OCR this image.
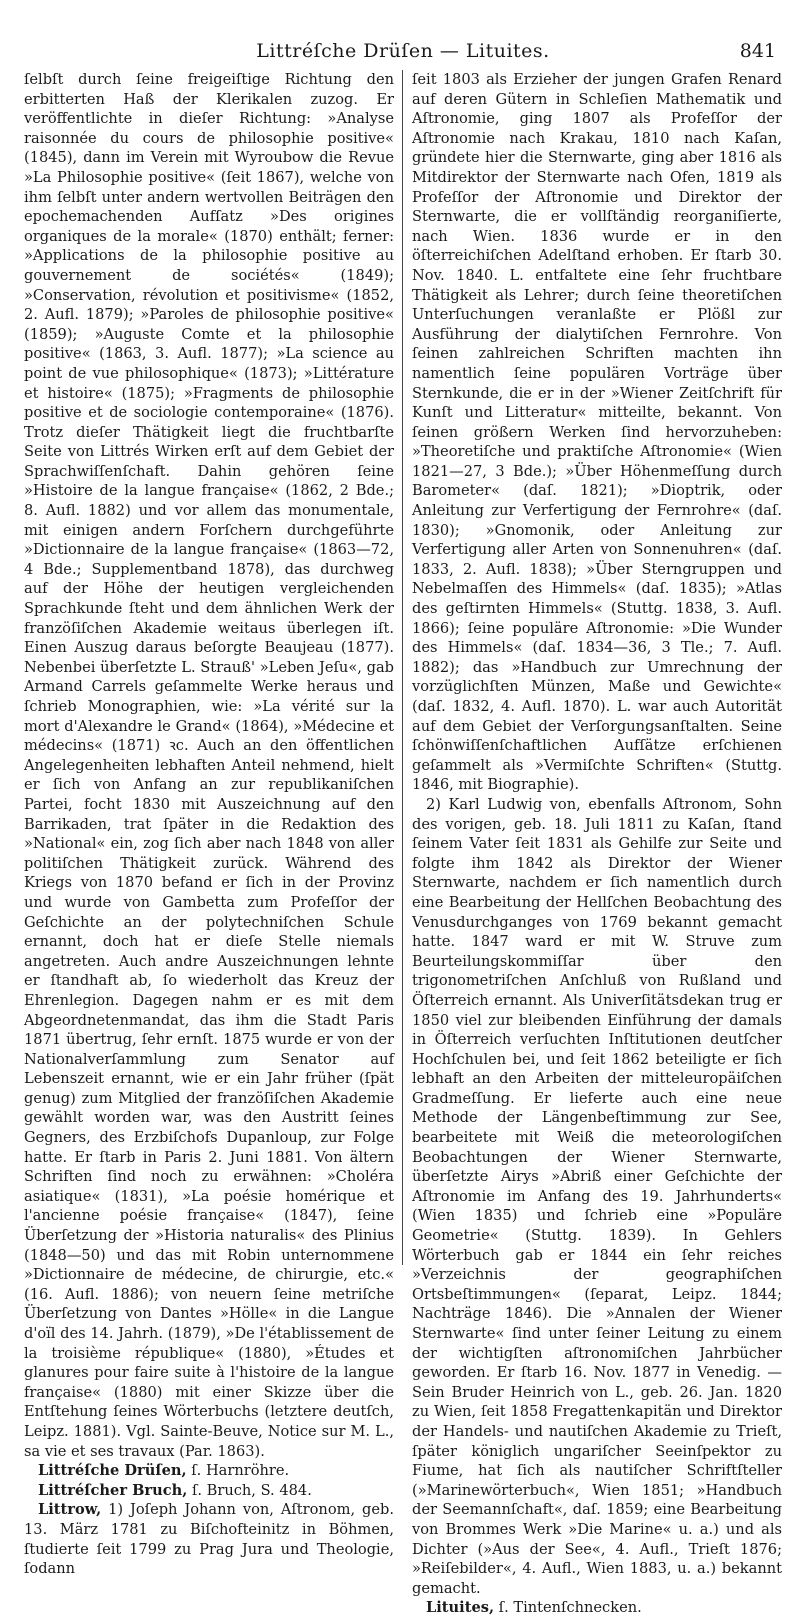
Littréſche Drüſen — Lituites.	841

ſelbſt durch ſeine freigeiſtige Richtung den erbitterten Haß der Klerikalen zuzog. Er veröffentlichte in dieſer Richtung: »Analyse raisonnée du cours de philosophie positive« (1845), dann im Verein mit Wyroubow die Revue »La Philosophie positive« (ſeit 1867), welche von ihm ſelbſt unter andern wertvollen Beiträgen den epochemachenden Aufſatz »Des origines organiques de la morale« (1870) enthält; ferner: »Applications de la philosophie positive au gouvernement de sociétés« (1849); »Conservation, révolution et positivisme« (1852, 2. Aufl. 1879); »Paroles de philosophie positive« (1859); »Auguste Comte et la philosophie positive« (1863, 3. Aufl. 1877); »La science au point de vue philosophique« (1873); »Littérature et histoire« (1875); »Fragments de philosophie positive et de sociologie contemporaine« (1876). Trotz dieſer Thätigkeit liegt die fruchtbarſte Seite von Littrés Wirken erſt auf dem Gebiet der Sprachwiſſenſchaft. Dahin gehören ſeine »Histoire de la langue française« (1862, 2 Bde.; 8. Aufl. 1882) und vor allem das monumentale, mit einigen andern Forſchern durchgeführte »Dictionnaire de la langue française« (1863—72, 4 Bde.; Supplementband 1878), das durchweg auf der Höhe der heutigen vergleichenden Sprachkunde ſteht und dem ähnlichen Werk der franzöſiſchen Akademie weitaus überlegen iſt. Einen Auszug daraus beſorgte Beaujeau (1877). Nebenbei überſetzte L. Strauß' »Leben Jeſu«, gab Armand Carrels geſammelte Werke heraus und ſchrieb Monographien, wie: »La vérité sur la mort d'Alexandre le Grand« (1864), »Médecine et médecins« (1871) ꝛc. Auch an den öffentlichen Angelegenheiten lebhaften Anteil nehmend, hielt er ſich von Anfang an zur republikaniſchen Partei, focht 1830 mit Auszeichnung auf den Barrikaden, trat ſpäter in die Redaktion des »National« ein, zog ſich aber nach 1848 von aller politiſchen Thätigkeit zurück. Während des Kriegs von 1870 befand er ſich in der Provinz und wurde von Gambetta zum Profeſſor der Geſchichte an der polytechniſchen Schule ernannt, doch hat er dieſe Stelle niemals angetreten. Auch andre Auszeichnungen lehnte er ſtandhaft ab, ſo wiederholt das Kreuz der Ehrenlegion. Dagegen nahm er es mit dem Abgeordnetenmandat, das ihm die Stadt Paris 1871 übertrug, ſehr ernſt. 1875 wurde er von der Nationalverſammlung zum Senator auf Lebenszeit ernannt, wie er ein Jahr früher (ſpät genug) zum Mitglied der franzöſiſchen Akademie gewählt worden war, was den Austritt ſeines Gegners, des Erzbiſchofs Dupanloup, zur Folge hatte. Er ſtarb in Paris 2. Juni 1881. Von ältern Schriften ſind noch zu erwähnen: »Choléra asiatique« (1831), »La poésie homérique et l'ancienne poésie française« (1847), ſeine Überſetzung der »Historia naturalis« des Plinius (1848—50) und das mit Robin unternommene »Dictionnaire de médecine, de chirurgie, etc.« (16. Aufl. 1886); von neuern ſeine metriſche Überſetzung von Dantes »Hölle« in die Langue d'oïl des 14. Jahrh. (1879), »De l'établissement de la troisième république« (1880), »Études et glanures pour faire suite à l'histoire de la langue française« (1880) mit einer Skizze über die Entſtehung ſeines Wörterbuchs (letztere deutſch, Leipz. 1881). Vgl. Sainte-Beuve, Notice sur M. L., sa vie et ses travaux (Par. 1863).

Littréſche Drüſen, ſ. Harnröhre.

Littréſcher Bruch, ſ. Bruch, S. 484.

Littrow, 1) Joſeph Johann von, Aſtronom, geb. 13. März 1781 zu Biſchofteinitz in Böhmen, ſtudierte ſeit 1799 zu Prag Jura und Theologie, ſodann

ſeit 1803 als Erzieher der jungen Grafen Renard auf deren Gütern in Schleſien Mathematik und Aſtronomie, ging 1807 als Profeſſor der Aſtronomie nach Krakau, 1810 nach Kaſan, gründete hier die Sternwarte, ging aber 1816 als Mitdirektor der Sternwarte nach Ofen, 1819 als Profeſſor der Aſtronomie und Direktor der Sternwarte, die er vollſtändig reorganiſierte, nach Wien. 1836 wurde er in den öſterreichiſchen Adelſtand erhoben. Er ſtarb 30. Nov. 1840. L. entfaltete eine ſehr fruchtbare Thätigkeit als Lehrer; durch ſeine theoretiſchen Unterſuchungen veranlaßte er Plößl zur Ausführung der dialytiſchen Fernrohre. Von ſeinen zahlreichen Schriften machten ihn namentlich ſeine populären Vorträge über Sternkunde, die er in der »Wiener Zeitſchrift für Kunſt und Litteratur« mitteilte, bekannt. Von ſeinen größern Werken ſind hervorzuheben: »Theoretiſche und praktiſche Aſtronomie« (Wien 1821—27, 3 Bde.); »Über Höhenmeſſung durch Barometer« (daſ. 1821); »Dioptrik, oder Anleitung zur Verfertigung der Fernrohre« (daſ. 1830); »Gnomonik, oder Anleitung zur Verfertigung aller Arten von Sonnenuhren« (daſ. 1833, 2. Aufl. 1838); »Über Sterngruppen und Nebelmaſſen des Himmels« (daſ. 1835); »Atlas des geſtirnten Himmels« (Stuttg. 1838, 3. Aufl. 1866); ſeine populäre Aſtronomie: »Die Wunder des Himmels« (daſ. 1834—36, 3 Tle.; 7. Aufl. 1882); das »Handbuch zur Umrechnung der vorzüglichſten Münzen, Maße und Gewichte« (daſ. 1832, 4. Aufl. 1870). L. war auch Autorität auf dem Gebiet der Verſorgungsanſtalten. Seine ſchönwiſſenſchaftlichen Aufſätze erſchienen geſammelt als »Vermiſchte Schriften« (Stuttg. 1846, mit Biographie).

2) Karl Ludwig von, ebenfalls Aſtronom, Sohn des vorigen, geb. 18. Juli 1811 zu Kaſan, ſtand ſeinem Vater ſeit 1831 als Gehilfe zur Seite und folgte ihm 1842 als Direktor der Wiener Sternwarte, nachdem er ſich namentlich durch eine Bearbeitung der Hellſchen Beobachtung des Venusdurchganges von 1769 bekannt gemacht hatte. 1847 ward er mit W. Struve zum Beurteilungskommiſſar über den trigonometriſchen Anſchluß von Rußland und Öſterreich ernannt. Als Univerſitätsdekan trug er 1850 viel zur bleibenden Einführung der damals in Öſterreich verſuchten Inſtitutionen deutſcher Hochſchulen bei, und ſeit 1862 beteiligte er ſich lebhaft an den Arbeiten der mitteleuropäiſchen Gradmeſſung. Er lieferte auch eine neue Methode der Längenbeſtimmung zur See, bearbeitete mit Weiß die meteorologiſchen Beobachtungen der Wiener Sternwarte, überſetzte Airys »Abriß einer Geſchichte der Aſtronomie im Anfang des 19. Jahrhunderts« (Wien 1835) und ſchrieb eine »Populäre Geometrie« (Stuttg. 1839). In Gehlers Wörterbuch gab er 1844 ein ſehr reiches »Verzeichnis der geographiſchen Ortsbeſtimmungen« (ſeparat, Leipz. 1844; Nachträge 1846). Die »Annalen der Wiener Sternwarte« ſind unter ſeiner Leitung zu einem der wichtigſten aſtronomiſchen Jahrbücher geworden. Er ſtarb 16. Nov. 1877 in Venedig. — Sein Bruder Heinrich von L., geb. 26. Jan. 1820 zu Wien, ſeit 1858 Fregattenkapitän und Direktor der Handels- und nautiſchen Akademie zu Trieſt, ſpäter königlich ungariſcher Seeinſpektor zu Fiume, hat ſich als nautiſcher Schriftſteller (»Marinewörterbuch«, Wien 1851; »Handbuch der Seemannſchaft«, daſ. 1859; eine Bearbeitung von Brommes Werk »Die Marine« u. a.) und als Dichter (»Aus der See«, 4. Aufl., Trieſt 1876; »Reiſebilder«, 4. Aufl., Wien 1883, u. a.) bekannt gemacht.

Lituites, ſ. Tintenſchnecken.
